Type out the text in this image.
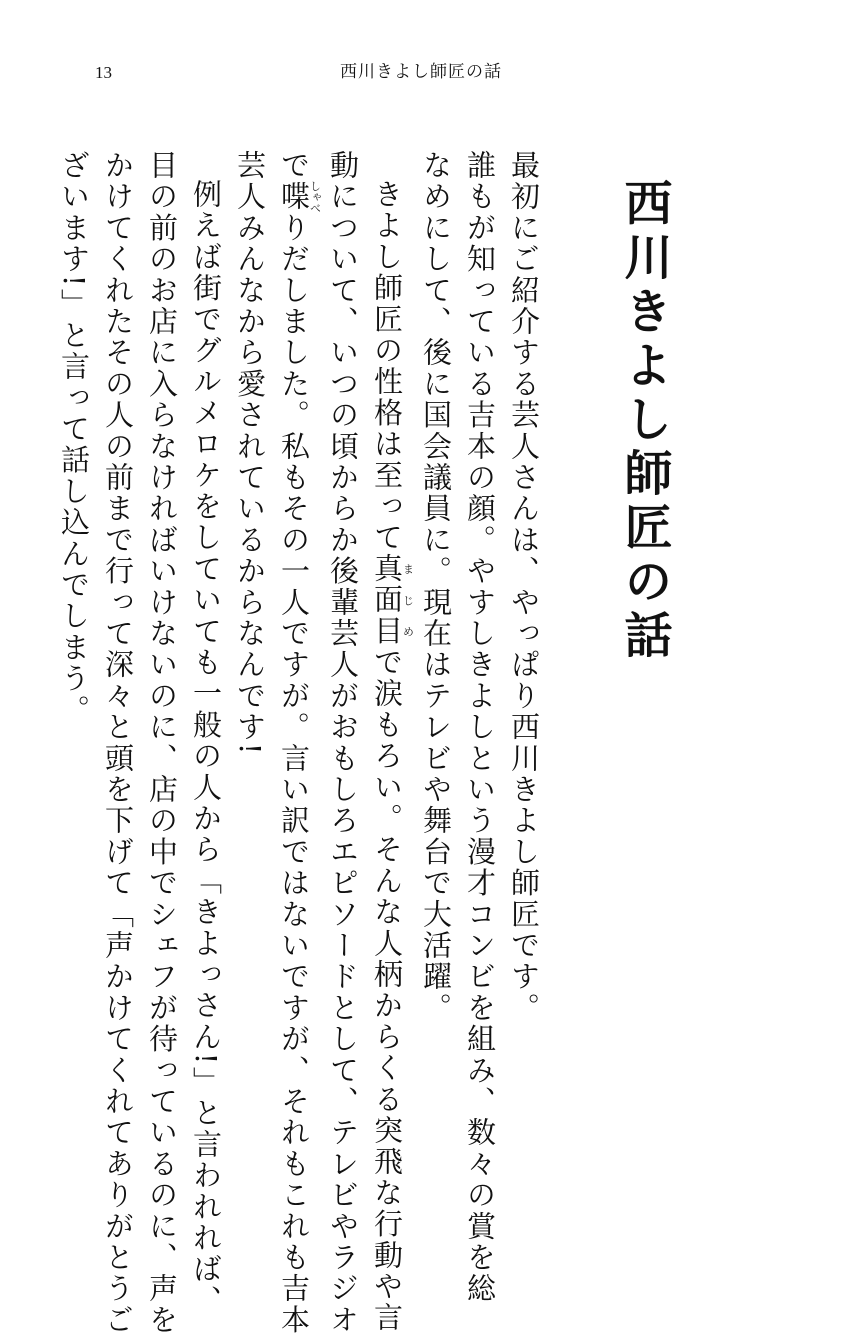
13	西川きよし師匠の話
西川きよし師匠の話
最初にご紹介する芸人さんは、やっぱり西川きよし師匠です。
誰もが知っている吉本の顔。やすしきよしという漫才コンビを組み、数々の賞を総
なめにして、後に国会議員に。現在はテレビや舞台で大活躍。
きよし師匠の性格は至って真面目まじめで涙もろい。そんな人柄からくる突飛な行動や言
動について、いつの頃からか後輩芸人がおもしろエピソードとして、テレビやラジオ
で喋しゃべりだしました。私もその一人ですが。言い訳ではないですが、それもこれも吉本
芸人みんなから愛されているからなんです!
例えば街でグルメロケをしていても一般の人から「きよっさん!」と言われれば、
目の前のお店に入らなければいけないのに、店の中でシェフが待っているのに、声を
かけてくれたその人の前まで行って深々と頭を下げて「声かけてくれてありがとうご
ざいます!」と言って話し込んでしまう。
